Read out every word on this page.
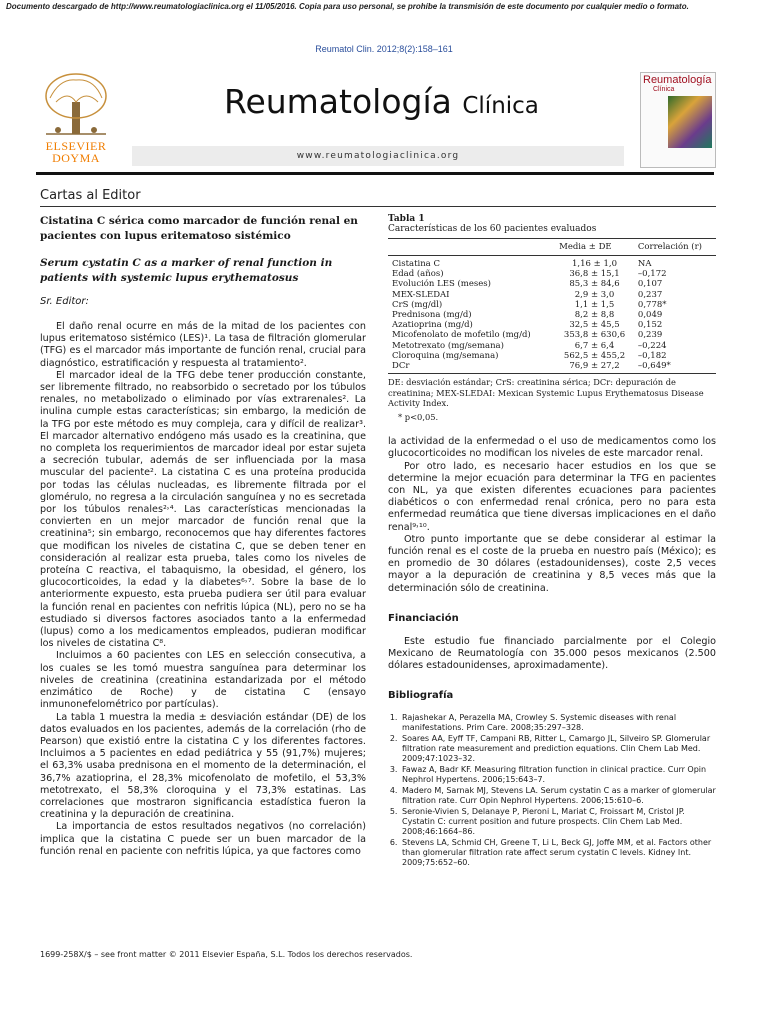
Documento descargado de http://www.reumatologiaclinica.org el 11/05/2016. Copia para uso personal, se prohíbe la transmisión de este documento por cualquier medio o formato.
Reumatol Clin. 2012;8(2):158–161
ELSEVIER
DOYMA
Reumatología Clínica
www.reumatologiaclinica.org
Reumatología
Clínica
Cartas al Editor
Cistatina C sérica como marcador de función renal en pacientes con lupus eritematoso sistémico
Serum cystatin C as a marker of renal function in patients with systemic lupus erythematosus
Sr. Editor:

El daño renal ocurre en más de la mitad de los pacientes con lupus eritematoso sistémico (LES)¹. La tasa de filtración glomerular (TFG) es el marcador más importante de función renal, crucial para diagnóstico, estratificación y respuesta al tratamiento².

El marcador ideal de la TFG debe tener producción constante, ser libremente filtrado, no reabsorbido o secretado por los túbulos renales, no metabolizado o eliminado por vías extrarenales². La inulina cumple estas características; sin embargo, la medición de la TFG por este método es muy compleja, cara y difícil de realizar³. El marcador alternativo endógeno más usado es la creatinina, que no completa los requerimientos de marcador ideal por estar sujeta a secreción tubular, además de ser influenciada por la masa muscular del paciente². La cistatina C es una proteína producida por todas las células nucleadas, es libremente filtrada por el glomérulo, no regresa a la circulación sanguínea y no es secretada por los túbulos renales²˒⁴. Las características mencionadas la convierten en un mejor marcador de función renal que la creatinina⁵; sin embargo, reconocemos que hay diferentes factores que modifican los niveles de cistatina C, que se deben tener en consideración al realizar esta prueba, tales como los niveles de proteína C reactiva, el tabaquismo, la obesidad, el género, los glucocorticoides, la edad y la diabetes⁶˒⁷. Sobre la base de lo anteriormente expuesto, esta prueba pudiera ser útil para evaluar la función renal en pacientes con nefritis lúpica (NL), pero no se ha estudiado si diversos factores asociados tanto a la enfermedad (lupus) como a los medicamentos empleados, pudieran modificar los niveles de cistatina C⁸.

Incluimos a 60 pacientes con LES en selección consecutiva, a los cuales se les tomó muestra sanguínea para determinar los niveles de creatinina (creatinina estandarizada por el método enzimático de Roche) y de cistatina C (ensayo inmunonefelométrico por partículas).

La tabla 1 muestra la media ± desviación estándar (DE) de los datos evaluados en los pacientes, además de la correlación (rho de Pearson) que existió entre la cistatina C y los diferentes factores. Incluimos a 5 pacientes en edad pediátrica y 55 (91,7%) mujeres; el 63,3% usaba prednisona en el momento de la determinación, el 36,7% azatioprina, el 28,3% micofenolato de mofetilo, el 53,3% metotrexato, el 58,3% cloroquina y el 73,3% estatinas. Las correlaciones que mostraron significancia estadística fueron la creatinina y la depuración de creatinina.

La importancia de estos resultados negativos (no correlación) implica que la cistatina C puede ser un buen marcador de la función renal en paciente con nefritis lúpica, ya que factores como

Tabla 1
Características de los 60 pacientes evaluados
	Media ± DE	Correlación (r)
Cistatina C	1,16 ± 1,0	NA
Edad (años)	36,8 ± 15,1	–0,172
Evolución LES (meses)	85,3 ± 84,6	0,107
MEX-SLEDAI	2,9 ± 3,0	0,237
CrS (mg/dl)	1,1 ± 1,5	0,778*
Prednisona (mg/d)	8,2 ± 8,8	0,049
Azatioprina (mg/d)	32,5 ± 45,5	0,152
Micofenolato de mofetilo (mg/d)	353,8 ± 630,6	0,239
Metotrexato (mg/semana)	6,7 ± 6,4	–0,224
Cloroquina (mg/semana)	562,5 ± 455,2	–0,182
DCr	76,9 ± 27,2	–0,649*
DE: desviación estándar; CrS: creatinina sérica; DCr: depuración de creatinina; MEX-SLEDAI: Mexican Systemic Lupus Erythematosus Disease Activity Index.
* p<0,05.

la actividad de la enfermedad o el uso de medicamentos como los glucocorticoides no modifican los niveles de este marcador renal.

Por otro lado, es necesario hacer estudios en los que se determine la mejor ecuación para determinar la TFG en pacientes con NL, ya que existen diferentes ecuaciones para pacientes diabéticos o con enfermedad renal crónica, pero no para esta enfermedad reumática que tiene diversas implicaciones en el daño renal⁹˒¹⁰.

Otro punto importante que se debe considerar al estimar la función renal es el coste de la prueba en nuestro país (México); es en promedio de 30 dólares (estadounidenses), coste 2,5 veces mayor a la depuración de creatinina y 8,5 veces más que la determinación sólo de creatinina.

Financiación

Este estudio fue financiado parcialmente por el Colegio Mexicano de Reumatología con 35.000 pesos mexicanos (2.500 dólares estadounidenses, aproximadamente).

Bibliografía
1. Rajashekar A, Perazella MA, Crowley S. Systemic diseases with renal manifestations. Prim Care. 2008;35:297–328.
2. Soares AA, Eyff TF, Campani RB, Ritter L, Camargo JL, Silveiro SP. Glomerular filtration rate measurement and prediction equations. Clin Chem Lab Med. 2009;47:1023–32.
3. Fawaz A, Badr KF. Measuring filtration function in clinical practice. Curr Opin Nephrol Hypertens. 2006;15:643–7.
4. Madero M, Sarnak MJ, Stevens LA. Serum cystatin C as a marker of glomerular filtration rate. Curr Opin Nephrol Hypertens. 2006;15:610–6.
5. Seronie-Vivien S, Delanaye P, Pieroni L, Mariat C, Froissart M, Cristol JP. Cystatin C: current position and future prospects. Clin Chem Lab Med. 2008;46:1664–86.
6. Stevens LA, Schmid CH, Greene T, Li L, Beck GJ, Joffe MM, et al. Factors other than glomerular filtration rate affect serum cystatin C levels. Kidney Int. 2009;75:652–60.
1699-258X/$ – see front matter © 2011 Elsevier España, S.L. Todos los derechos reservados.
